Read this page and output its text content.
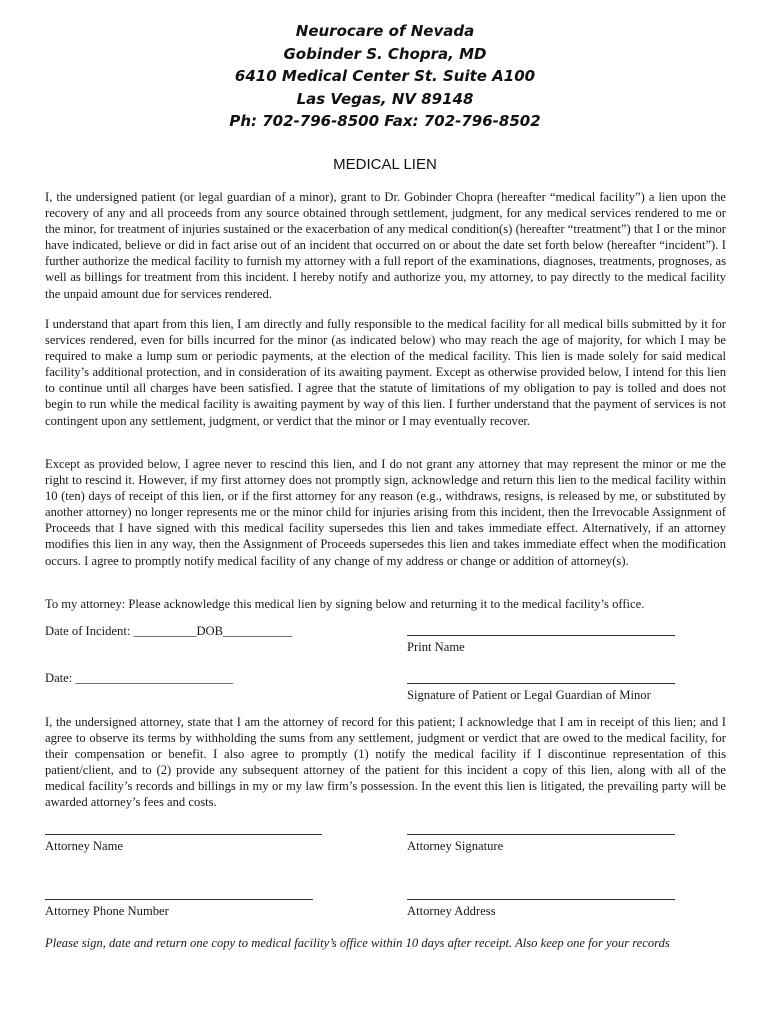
Neurocare of Nevada
Gobinder S. Chopra, MD
6410 Medical Center St. Suite A100
Las Vegas, NV 89148
Ph: 702-796-8500 Fax: 702-796-8502
MEDICAL LIEN

I, the undersigned patient (or legal guardian of a minor), grant to Dr. Gobinder Chopra (hereafter “medical facility”) a lien upon the recovery of any and all proceeds from any source obtained through settlement, judgment, for any medical services rendered to me or the minor, for treatment of injuries sustained or the exacerbation of any medical condition(s) (hereafter “treatment”) that I or the minor have indicated, believe or did in fact arise out of an incident that occurred on or about the date set forth below (hereafter “incident”). I further authorize the medical facility to furnish my attorney with a full report of the examinations, diagnoses, treatments, prognoses, as well as billings for treatment from this incident. I hereby notify and authorize you, my attorney, to pay directly to the medical facility the unpaid amount due for services rendered.

I understand that apart from this lien, I am directly and fully responsible to the medical facility for all medical bills submitted by it for services rendered, even for bills incurred for the minor (as indicated below) who may reach the age of majority, for which I may be required to make a lump sum or periodic payments, at the election of the medical facility. This lien is made solely for said medical facility’s additional protection, and in consideration of its awaiting payment. Except as otherwise provided below, I intend for this lien to continue until all charges have been satisfied. I agree that the statute of limitations of my obligation to pay is tolled and does not begin to run while the medical facility is awaiting payment by way of this lien. I further understand that the payment of services is not contingent upon any settlement, judgment, or verdict that the minor or I may eventually recover.

Except as provided below, I agree never to rescind this lien, and I do not grant any attorney that may represent the minor or me the right to rescind it. However, if my first attorney does not promptly sign, acknowledge and return this lien to the medical facility within 10 (ten) days of receipt of this lien, or if the first attorney for any reason (e.g., withdraws, resigns, is released by me, or substituted by another attorney) no longer represents me or the minor child for injuries arising from this incident, then the Irrevocable Assignment of Proceeds that I have signed with this medical facility supersedes this lien and takes immediate effect. Alternatively, if an attorney modifies this lien in any way, then the Assignment of Proceeds supersedes this lien and takes immediate effect when the modification occurs. I agree to promptly notify medical facility of any change of my address or change or addition of attorney(s).

To my attorney: Please acknowledge this medical lien by signing below and returning it to the medical facility’s office.
Date of Incident: __________DOB___________
Print Name
Date: _________________________
Signature of Patient or Legal Guardian of Minor

I, the undersigned attorney, state that I am the attorney of record for this patient; I acknowledge that I am in receipt of this lien; and I agree to observe its terms by withholding the sums from any settlement, judgment or verdict that are owed to the medical facility, for their compensation or benefit. I also agree to promptly (1) notify the medical facility if I discontinue representation of this patient/client, and to (2) provide any subsequent attorney of the patient for this incident a copy of this lien, along with all of the medical facility’s records and billings in my or my law firm’s possession. In the event this lien is litigated, the prevailing party will be awarded attorney’s fees and costs.

Attorney Name	Attorney Signature
Attorney Phone Number	Attorney Address
Please sign, date and return one copy to medical facility’s office within 10 days after receipt. Also keep one for your records
